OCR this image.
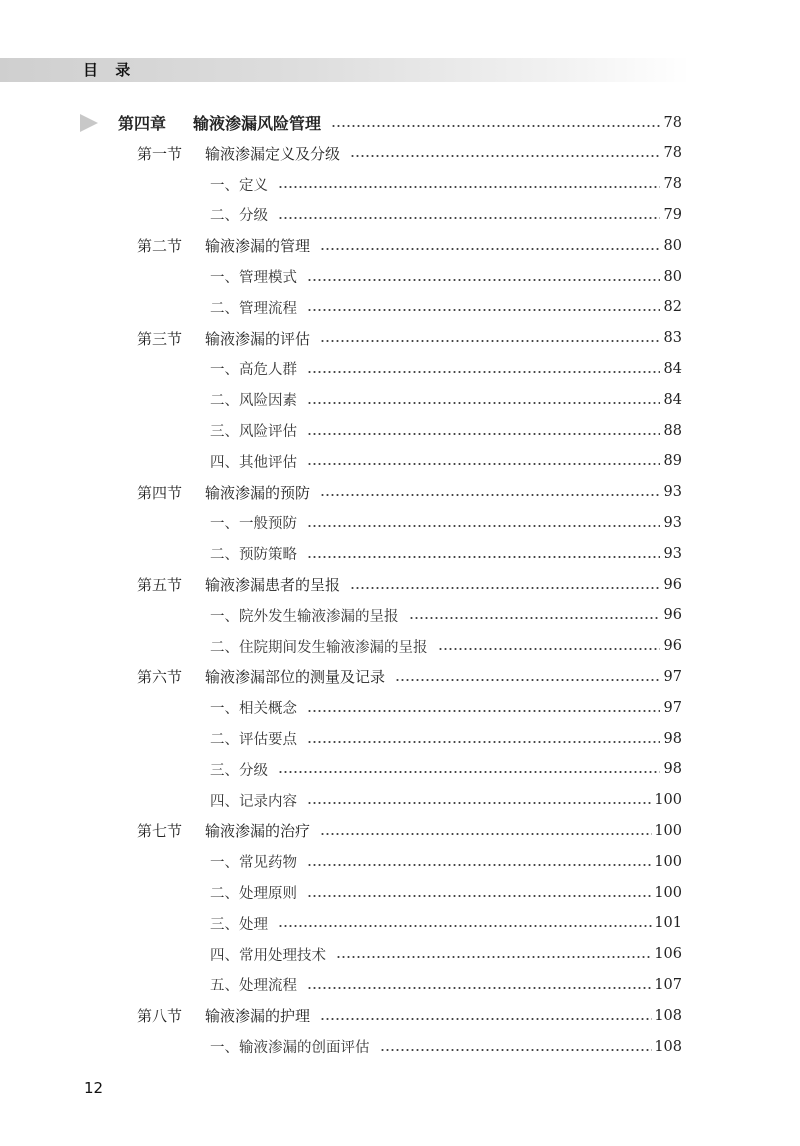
目 录
第四章 输液渗漏风险管理	78
第一节 输液渗漏定义及分级	78
一、定义	78
二、分级	79
第二节 输液渗漏的管理	80
一、管理模式	80
二、管理流程	82
第三节 输液渗漏的评估	83
一、高危人群	84
二、风险因素	84
三、风险评估	88
四、其他评估	89
第四节 输液渗漏的预防	93
一、一般预防	93
二、预防策略	93
第五节 输液渗漏患者的呈报	96
一、院外发生输液渗漏的呈报	96
二、住院期间发生输液渗漏的呈报	96
第六节 输液渗漏部位的测量及记录	97
一、相关概念	97
二、评估要点	98
三、分级	98
四、记录内容	100
第七节 输液渗漏的治疗	100
一、常见药物	100
二、处理原则	100
三、处理	101
四、常用处理技术	106
五、处理流程	107
第八节 输液渗漏的护理	108
一、输液渗漏的创面评估	108
12
